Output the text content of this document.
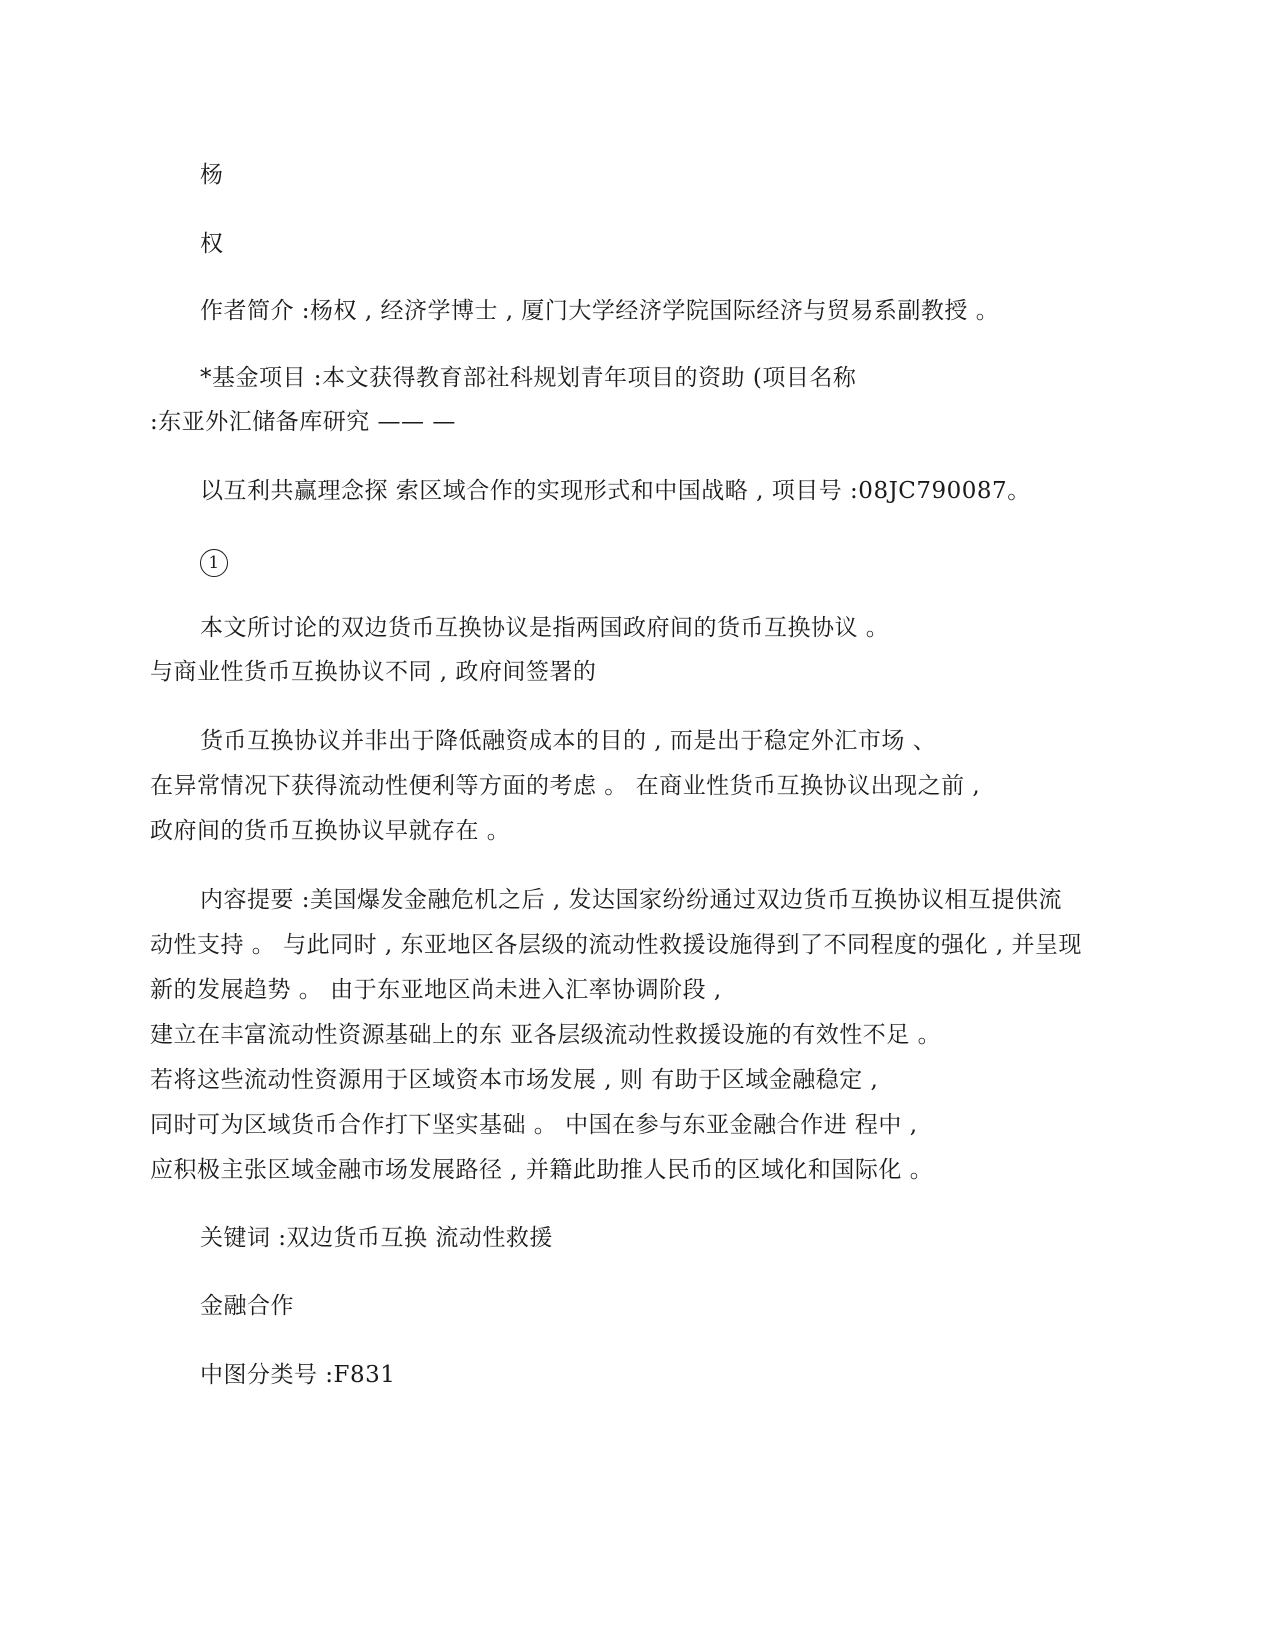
杨
权
作者简介 :杨权 , 经济学博士 , 厦门大学经济学院国际经济与贸易系副教授 。
*基金项目 :本文获得教育部社科规划青年项目的资助 (项目名称
:东亚外汇储备库研究 —— —
以互利共赢理念探 索区域合作的实现形式和中国战略 , 项目号 :08JC790087。
1
本文所讨论的双边货币互换协议是指两国政府间的货币互换协议 。
与商业性货币互换协议不同 , 政府间签署的
货币互换协议并非出于降低融资成本的目的 , 而是出于稳定外汇市场 、
在异常情况下获得流动性便利等方面的考虑 。 在商业性货币互换协议出现之前 ,
政府间的货币互换协议早就存在 。
内容提要 :美国爆发金融危机之后 , 发达国家纷纷通过双边货币互换协议相互提供流
动性支持 。 与此同时 , 东亚地区各层级的流动性救援设施得到了不同程度的强化 , 并呈现
新的发展趋势 。 由于东亚地区尚未进入汇率协调阶段 ,
建立在丰富流动性资源基础上的东 亚各层级流动性救援设施的有效性不足 。
若将这些流动性资源用于区域资本市场发展 , 则 有助于区域金融稳定 ,
同时可为区域货币合作打下坚实基础 。 中国在参与东亚金融合作进 程中 ,
应积极主张区域金融市场发展路径 , 并籍此助推人民币的区域化和国际化 。
关键词 :双边货币互换 流动性救援
金融合作
中图分类号 :F831
